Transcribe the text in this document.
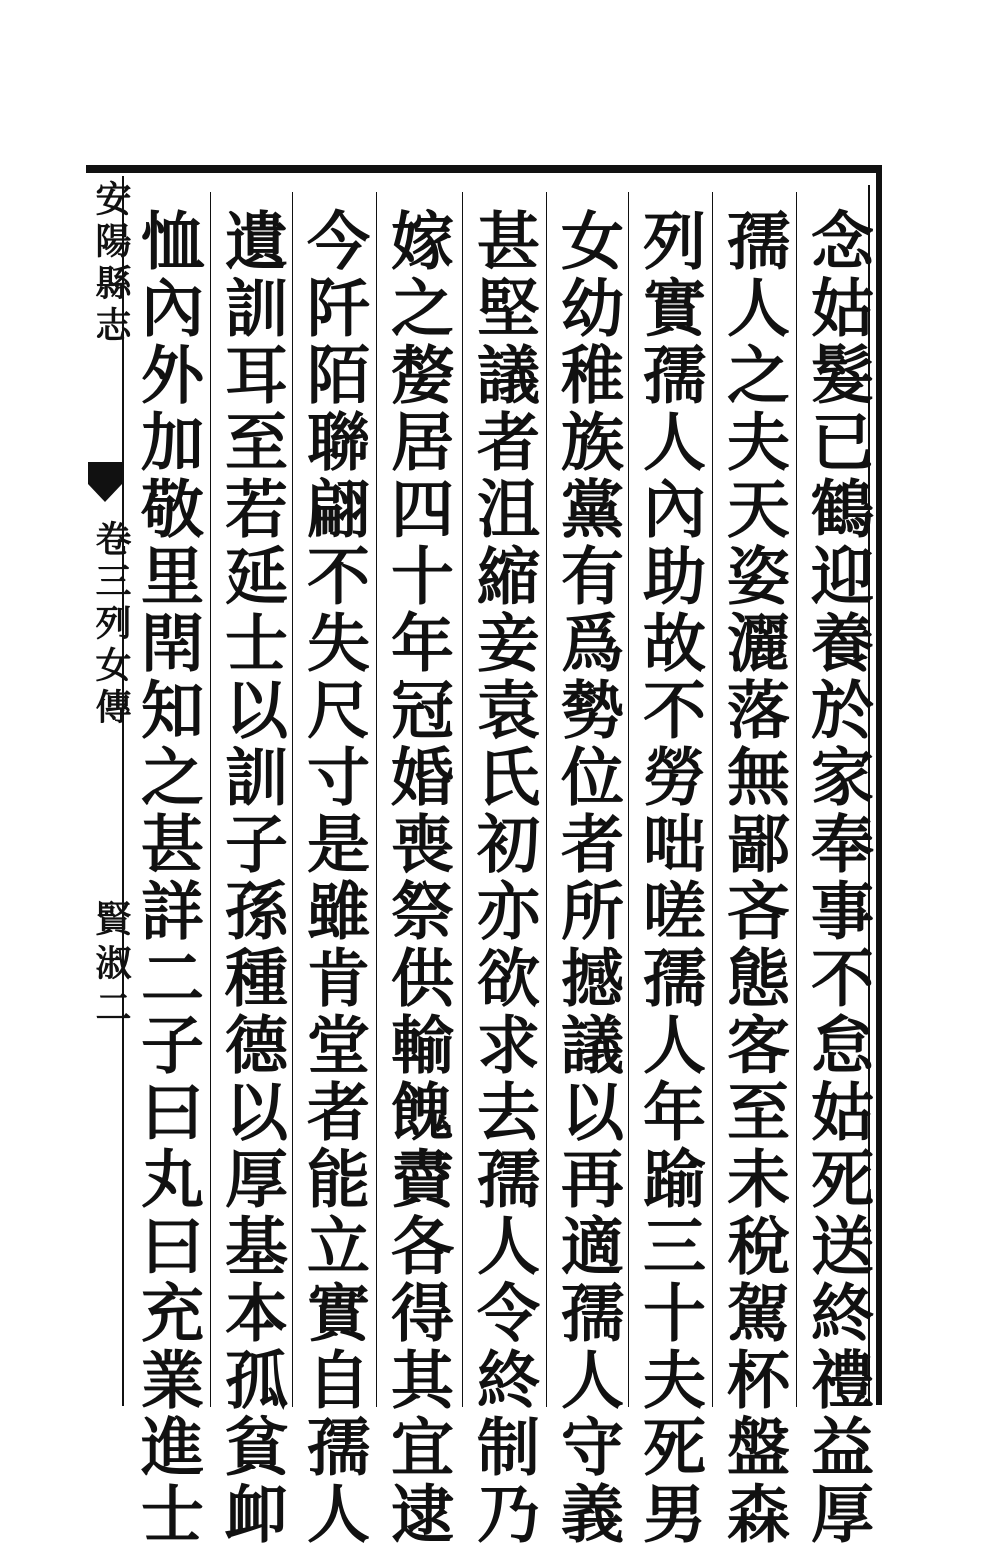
安陽縣志
卷三列女傳
賢淑二	念姑髮已鶴迎養於家奉事不怠姑死送終禮益厚
孺人之夫天姿灑落無鄙吝態客至未稅駕杯盤森
列實孺人內助故不勞咄嗟孺人年踰三十夫死男
女幼稚族黨有爲勢位者所撼議以再適孺人守義
甚堅議者沮縮妾袁氏初亦欲求去孺人令終制乃
嫁之嫠居四十年冠婚喪祭供輸餽賮各得其宜逮
今阡陌聯翩不失尺寸是雖肯堂者能立實自孺人
遺訓耳至若延士以訓子孫種德以厚基本孤貧卹
恤內外加敬里閈知之甚詳二子曰丸曰充業進士
